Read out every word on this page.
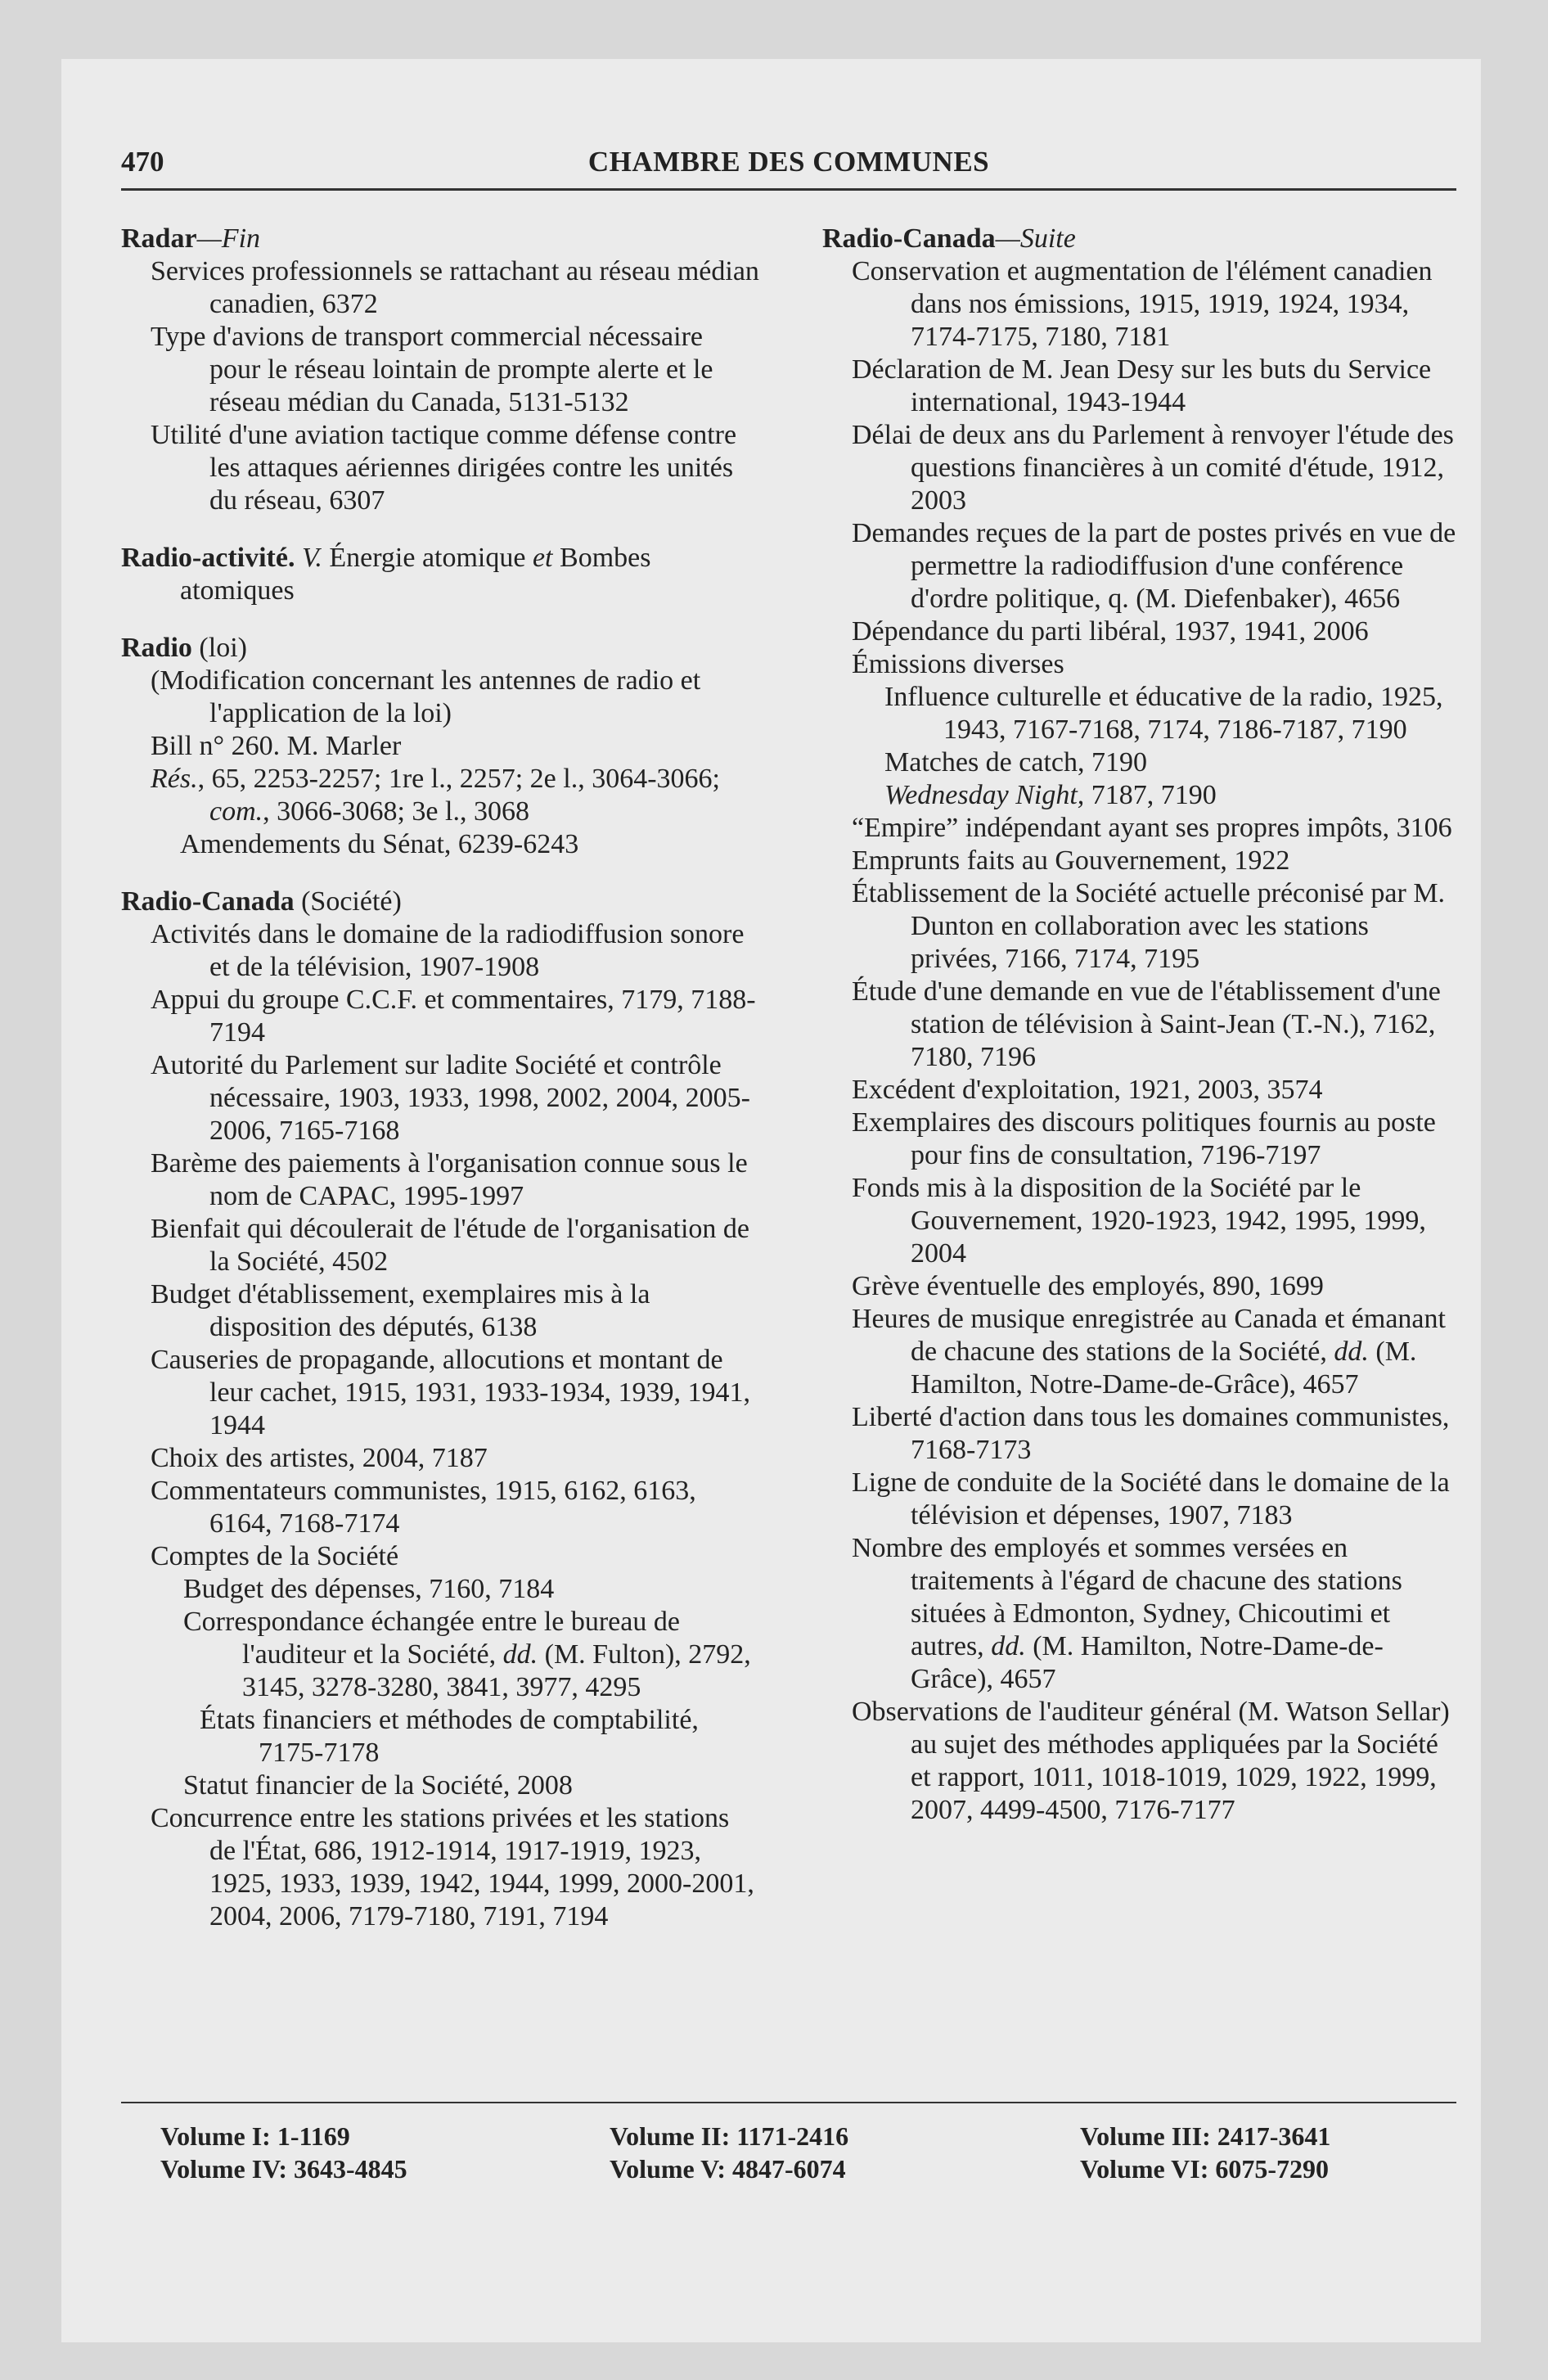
470	CHAMBRE DES COMMUNES
Radar—Fin
Services professionnels se rattachant au réseau médian canadien, 6372
Type d'avions de transport commercial nécessaire pour le réseau lointain de prompte alerte et le réseau médian du Canada, 5131-5132
Utilité d'une aviation tactique comme défense contre les attaques aériennes dirigées contre les unités du réseau, 6307
Radio-activité. V. Énergie atomique et Bombes atomiques
Radio (loi)
(Modification concernant les antennes de radio et l'application de la loi)
Bill n° 260. M. Marler
Rés., 65, 2253-2257; 1re l., 2257; 2e l., 3064-3066; com., 3066-3068; 3e l., 3068
Amendements du Sénat, 6239-6243
Radio-Canada (Société)
Activités dans le domaine de la radiodiffusion sonore et de la télévision, 1907-1908
Appui du groupe C.C.F. et commentaires, 7179, 7188-7194
Autorité du Parlement sur ladite Société et contrôle nécessaire, 1903, 1933, 1998, 2002, 2004, 2005-2006, 7165-7168
Barème des paiements à l'organisation connue sous le nom de CAPAC, 1995-1997
Bienfait qui découlerait de l'étude de l'organisation de la Société, 4502
Budget d'établissement, exemplaires mis à la disposition des députés, 6138
Causeries de propagande, allocutions et montant de leur cachet, 1915, 1931, 1933-1934, 1939, 1941, 1944
Choix des artistes, 2004, 7187
Commentateurs communistes, 1915, 6162, 6163, 6164, 7168-7174
Comptes de la Société
Budget des dépenses, 7160, 7184
Correspondance échangée entre le bureau de l'auditeur et la Société, dd. (M. Fulton), 2792, 3145, 3278-3280, 3841, 3977, 4295
États financiers et méthodes de comptabilité, 7175-7178
Statut financier de la Société, 2008
Concurrence entre les stations privées et les stations de l'État, 686, 1912-1914, 1917-1919, 1923, 1925, 1933, 1939, 1942, 1944, 1999, 2000-2001, 2004, 2006, 7179-7180, 7191, 7194
Radio-Canada—Suite
Conservation et augmentation de l'élément canadien dans nos émissions, 1915, 1919, 1924, 1934, 7174-7175, 7180, 7181
Déclaration de M. Jean Desy sur les buts du Service international, 1943-1944
Délai de deux ans du Parlement à renvoyer l'étude des questions financières à un comité d'étude, 1912, 2003
Demandes reçues de la part de postes privés en vue de permettre la radiodiffusion d'une conférence d'ordre politique, q. (M. Diefenbaker), 4656
Dépendance du parti libéral, 1937, 1941, 2006
Émissions diverses
Influence culturelle et éducative de la radio, 1925, 1943, 7167-7168, 7174, 7186-7187, 7190
Matches de catch, 7190
Wednesday Night, 7187, 7190
“Empire” indépendant ayant ses propres impôts, 3106
Emprunts faits au Gouvernement, 1922
Établissement de la Société actuelle préconisé par M. Dunton en collaboration avec les stations privées, 7166, 7174, 7195
Étude d'une demande en vue de l'établissement d'une station de télévision à Saint-Jean (T.-N.), 7162, 7180, 7196
Excédent d'exploitation, 1921, 2003, 3574
Exemplaires des discours politiques fournis au poste pour fins de consultation, 7196-7197
Fonds mis à la disposition de la Société par le Gouvernement, 1920-1923, 1942, 1995, 1999, 2004
Grève éventuelle des employés, 890, 1699
Heures de musique enregistrée au Canada et émanant de chacune des stations de la Société, dd. (M. Hamilton, Notre-Dame-de-Grâce), 4657
Liberté d'action dans tous les domaines communistes, 7168-7173
Ligne de conduite de la Société dans le domaine de la télévision et dépenses, 1907, 7183
Nombre des employés et sommes versées en traitements à l'égard de chacune des stations situées à Edmonton, Sydney, Chicoutimi et autres, dd. (M. Hamilton, Notre-Dame-de-Grâce), 4657
Observations de l'auditeur général (M. Watson Sellar) au sujet des méthodes appliquées par la Société et rapport, 1011, 1018-1019, 1029, 1922, 1999, 2007, 4499-4500, 7176-7177
Volume I: 1-1169
Volume IV: 3643-4845
Volume II: 1171-2416
Volume V: 4847-6074
Volume III: 2417-3641
Volume VI: 6075-7290
